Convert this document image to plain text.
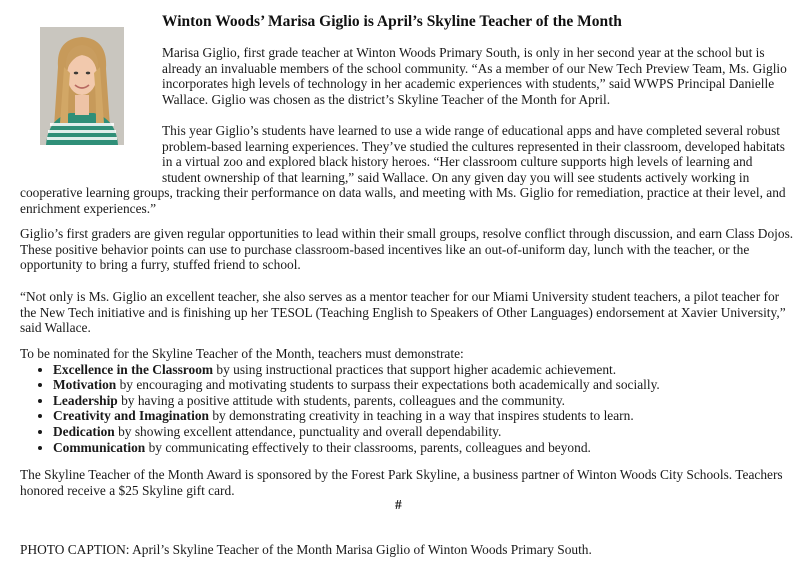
Winton Woods’ Marisa Giglio is April’s Skyline Teacher of the Month

Marisa Giglio, first grade teacher at Winton Woods Primary South, is only in her second year at the school but is already an invaluable members of the school community. “As a member of our New Tech Preview Team, Ms. Giglio incorporates high levels of technology in her academic experiences with students,” said WWPS Principal Danielle Wallace. Giglio was chosen as the district’s Skyline Teacher of the Month for April.

This year Giglio’s students have learned to use a wide range of educational apps and have completed several robust problem-based learning experiences. They’ve studied the cultures represented in their classroom, developed habitats in a virtual zoo and explored black history heroes. “Her classroom culture supports high levels of learning and student ownership of that learning,” said Wallace. On any given day you will see students actively working in
cooperative learning groups, tracking their performance on data walls, and meeting with Ms. Giglio for remediation, practice at their level, and enrichment experiences.”

Giglio’s first graders are given regular opportunities to lead within their small groups, resolve conflict through discussion, and earn Class Dojos. These positive behavior points can use to purchase classroom-based incentives like an out-of-uniform day, lunch with the teacher, or the opportunity to bring a furry, stuffed friend to school.

“Not only is Ms. Giglio an excellent teacher, she also serves as a mentor teacher for our Miami University student teachers, a pilot teacher for the New Tech initiative and is finishing up her TESOL (Teaching English to Speakers of Other Languages) endorsement at Xavier University,” said Wallace.

To be nominated for the Skyline Teacher of the Month, teachers must demonstrate:
• Excellence in the Classroom by using instructional practices that support higher academic achievement.
• Motivation by encouraging and motivating students to surpass their expectations both academically and socially.
• Leadership by having a positive attitude with students, parents, colleagues and the community.
• Creativity and Imagination by demonstrating creativity in teaching in a way that inspires students to learn.
• Dedication by showing excellent attendance, punctuality and overall dependability.
• Communication by communicating effectively to their classrooms, parents, colleagues and beyond.

The Skyline Teacher of the Month Award is sponsored by the Forest Park Skyline, a business partner of Winton Woods City Schools. Teachers honored receive a $25 Skyline gift card.

#
PHOTO CAPTION: April’s Skyline Teacher of the Month Marisa Giglio of Winton Woods Primary South.
